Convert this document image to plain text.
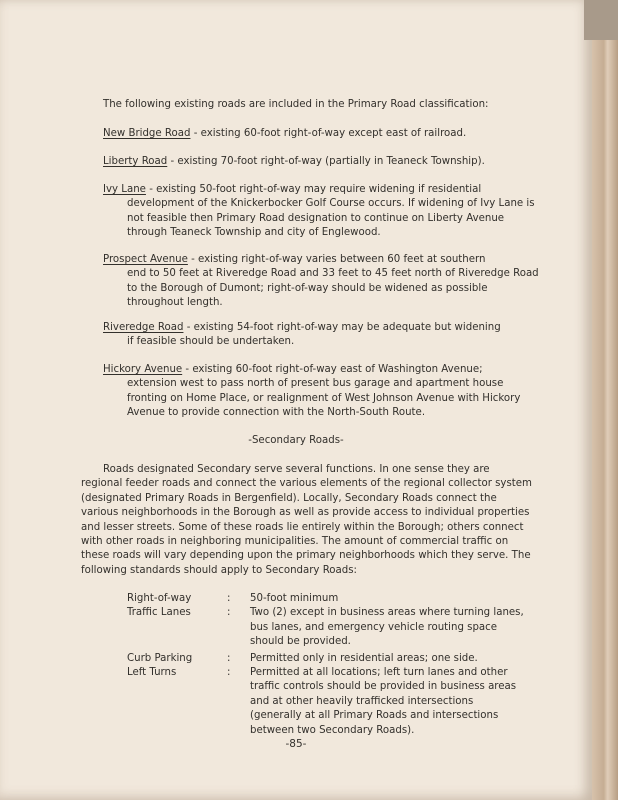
The following existing roads are included in the Primary Road classification:

New Bridge Road - existing 60-foot right-of-way except east of railroad.
Liberty Road - existing 70-foot right-of-way (partially in Teaneck Township).
Ivy Lane - existing 50-foot right-of-way may require widening if residential
development of the Knickerbocker Golf Course occurs. If widening of Ivy Lane is not feasible then Primary Road designation to continue on Liberty Avenue through Teaneck Township and city of Englewood.
Prospect Avenue - existing right-of-way varies between 60 feet at southern
end to 50 feet at Riveredge Road and 33 feet to 45 feet north of Riveredge Road to the Borough of Dumont; right-of-way should be widened as possible throughout length.
Riveredge Road - existing 54-foot right-of-way may be adequate but widening
if feasible should be undertaken.
Hickory Avenue - existing 60-foot right-of-way east of Washington Avenue;
extension west to pass north of present bus garage and apartment house fronting on Home Place, or realignment of West Johnson Avenue with Hickory Avenue to provide connection with the North-South Route.

-Secondary Roads-

Roads designated Secondary serve several functions. In one sense they are regional feeder roads and connect the various elements of the regional collector system (designated Primary Roads in Bergenfield). Locally, Secondary Roads connect the various neighborhoods in the Borough as well as provide access to individual properties and lesser streets. Some of these roads lie entirely within the Borough; others connect with other roads in neighboring municipalities. The amount of commercial traffic on these roads will vary depending upon the primary neighborhoods which they serve. The following standards should apply to Secondary Roads:

Right-of-way	:	50-foot minimum
Traffic Lanes	:	Two (2) except in business areas where turning lanes, bus lanes, and emergency vehicle routing space should be provided.
Curb Parking	:	Permitted only in residential areas; one side.
Left Turns	:	Permitted at all locations; left turn lanes and other traffic controls should be provided in business areas and at other heavily trafficked intersections (generally at all Primary Roads and intersections between two Secondary Roads).

-85-
